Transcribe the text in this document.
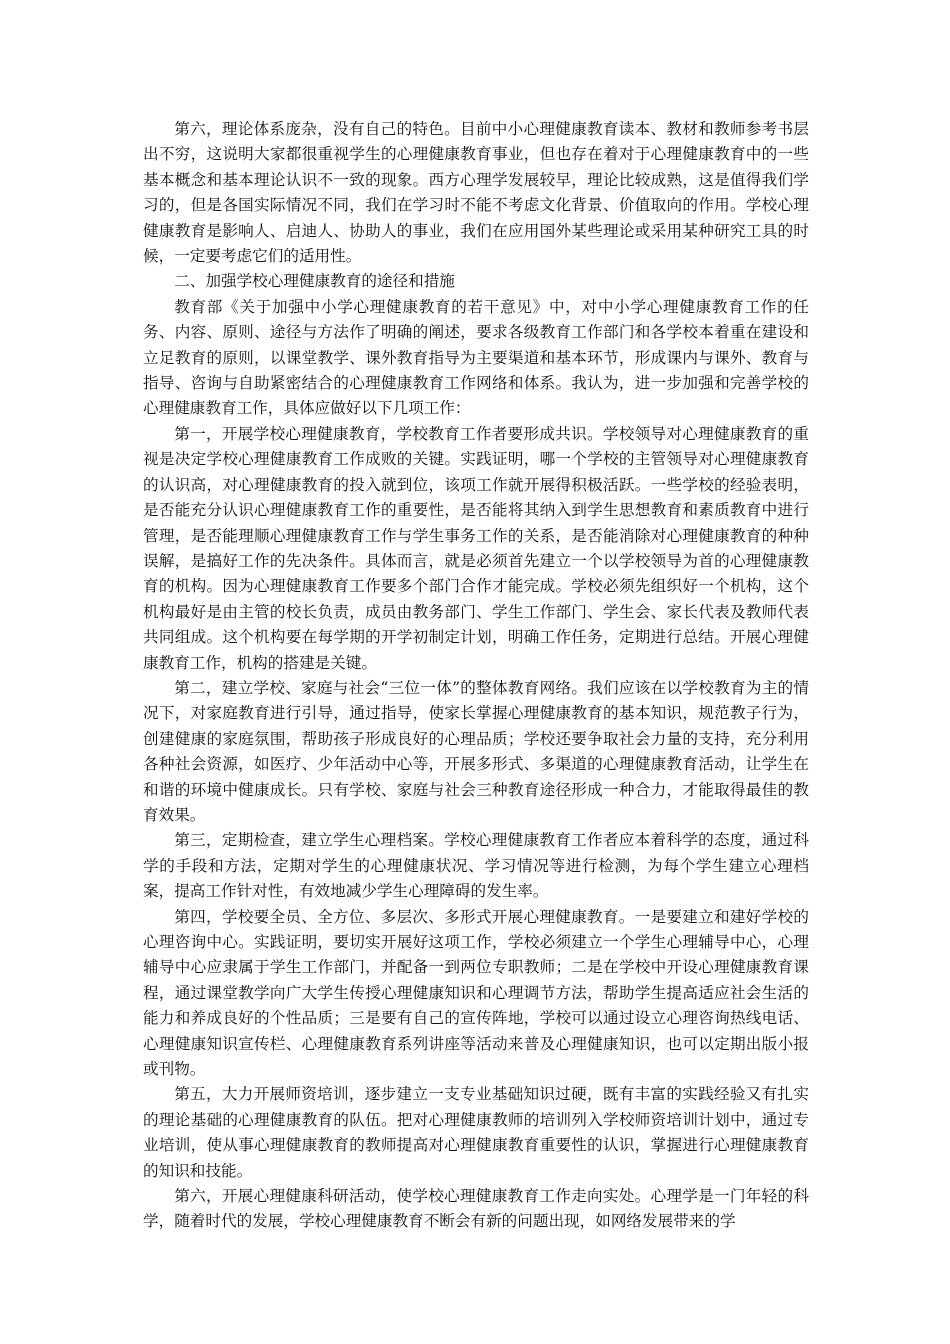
第六，理论体系庞杂，没有自己的特色。目前中小心理健康教育读本、教材和教师参考书层出不穷，这说明大家都很重视学生的心理健康教育事业，但也存在着对于心理健康教育中的一些基本概念和基本理论认识不一致的现象。西方心理学发展较早，理论比较成熟，这是值得我们学习的，但是各国实际情况不同，我们在学习时不能不考虑文化背景、价值取向的作用。学校心理健康教育是影响人、启迪人、协助人的事业，我们在应用国外某些理论或采用某种研究工具的时候，一定要考虑它们的适用性。

二、加强学校心理健康教育的途径和措施

教育部《关于加强中小学心理健康教育的若干意见》中，对中小学心理健康教育工作的任务、内容、原则、途径与方法作了明确的阐述，要求各级教育工作部门和各学校本着重在建设和立足教育的原则，以课堂教学、课外教育指导为主要渠道和基本环节，形成课内与课外、教育与指导、咨询与自助紧密结合的心理健康教育工作网络和体系。我认为，进一步加强和完善学校的心理健康教育工作，具体应做好以下几项工作：

第一，开展学校心理健康教育，学校教育工作者要形成共识。学校领导对心理健康教育的重视是决定学校心理健康教育工作成败的关键。实践证明，哪一个学校的主管领导对心理健康教育的认识高，对心理健康教育的投入就到位，该项工作就开展得积极活跃。一些学校的经验表明，是否能充分认识心理健康教育工作的重要性，是否能将其纳入到学生思想教育和素质教育中进行管理，是否能理顺心理健康教育工作与学生事务工作的关系，是否能消除对心理健康教育的种种误解，是搞好工作的先决条件。具体而言，就是必须首先建立一个以学校领导为首的心理健康教育的机构。因为心理健康教育工作要多个部门合作才能完成。学校必须先组织好一个机构，这个机构最好是由主管的校长负责，成员由教务部门、学生工作部门、学生会、家长代表及教师代表共同组成。这个机构要在每学期的开学初制定计划，明确工作任务，定期进行总结。开展心理健康教育工作，机构的搭建是关键。

第二，建立学校、家庭与社会“三位一体”的整体教育网络。我们应该在以学校教育为主的情况下，对家庭教育进行引导，通过指导，使家长掌握心理健康教育的基本知识，规范教子行为，创建健康的家庭氛围，帮助孩子形成良好的心理品质；学校还要争取社会力量的支持，充分利用各种社会资源，如医疗、少年活动中心等，开展多形式、多渠道的心理健康教育活动，让学生在和谐的环境中健康成长。只有学校、家庭与社会三种教育途径形成一种合力，才能取得最佳的教育效果。

第三，定期检查，建立学生心理档案。学校心理健康教育工作者应本着科学的态度，通过科学的手段和方法，定期对学生的心理健康状况、学习情况等进行检测，为每个学生建立心理档案，提高工作针对性，有效地减少学生心理障碍的发生率。

第四，学校要全员、全方位、多层次、多形式开展心理健康教育。一是要建立和建好学校的心理咨询中心。实践证明，要切实开展好这项工作，学校必须建立一个学生心理辅导中心，心理辅导中心应隶属于学生工作部门，并配备一到两位专职教师；二是在学校中开设心理健康教育课程，通过课堂教学向广大学生传授心理健康知识和心理调节方法，帮助学生提高适应社会生活的能力和养成良好的个性品质；三是要有自己的宣传阵地，学校可以通过设立心理咨询热线电话、心理健康知识宣传栏、心理健康教育系列讲座等活动来普及心理健康知识，也可以定期出版小报或刊物。

第五，大力开展师资培训，逐步建立一支专业基础知识过硬，既有丰富的实践经验又有扎实的理论基础的心理健康教育的队伍。把对心理健康教师的培训列入学校师资培训计划中，通过专业培训，使从事心理健康教育的教师提高对心理健康教育重要性的认识，掌握进行心理健康教育的知识和技能。

第六，开展心理健康科研活动，使学校心理健康教育工作走向实处。心理学是一门年轻的科学，随着时代的发展，学校心理健康教育不断会有新的问题出现，如网络发展带来的学
